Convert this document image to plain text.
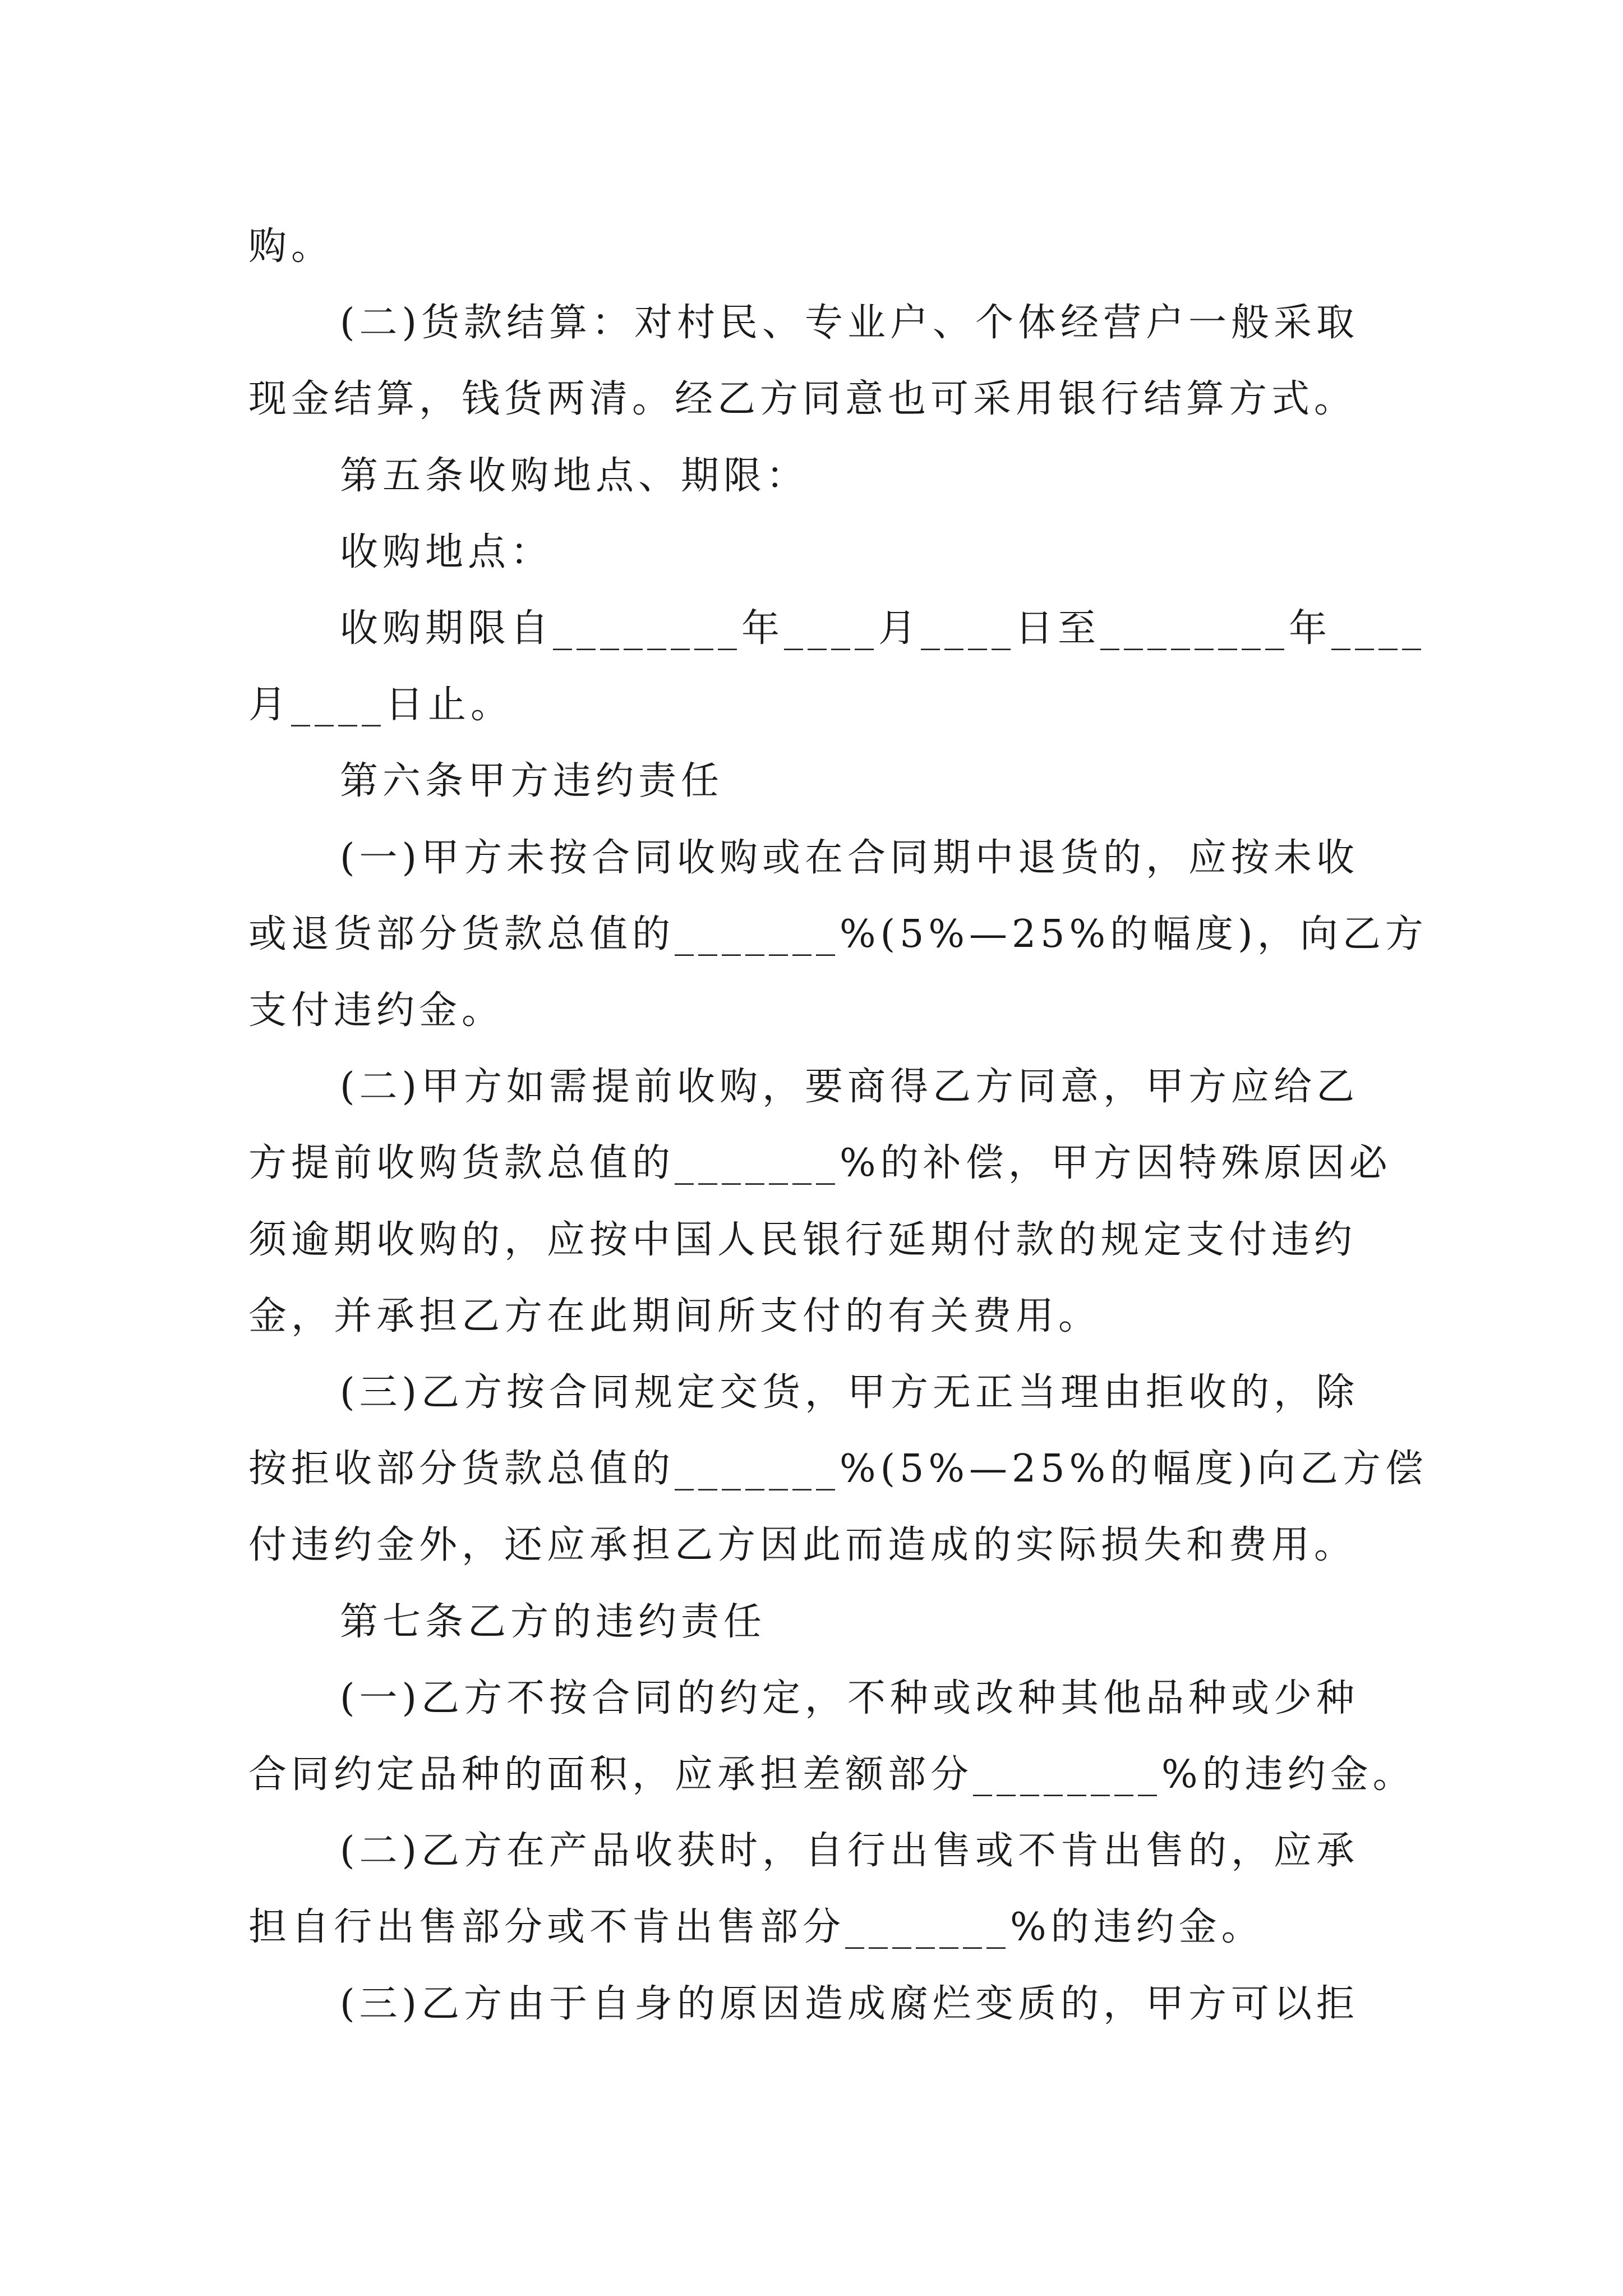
购。

(二)货款结算：对村民、专业户、个体经营户一般采取

现金结算，钱货两清。经乙方同意也可采用银行结算方式。

第五条收购地点、期限：

收购地点：

收购期限自________年____月____日至________年____

月____日止。

第六条甲方违约责任

(一)甲方未按合同收购或在合同期中退货的，应按未收

或退货部分货款总值的_______%(5%—25%的幅度)，向乙方

支付违约金。

(二)甲方如需提前收购，要商得乙方同意，甲方应给乙

方提前收购货款总值的_______%的补偿，甲方因特殊原因必

须逾期收购的，应按中国人民银行延期付款的规定支付违约

金，并承担乙方在此期间所支付的有关费用。

(三)乙方按合同规定交货，甲方无正当理由拒收的，除

按拒收部分货款总值的_______%(5%—25%的幅度)向乙方偿

付违约金外，还应承担乙方因此而造成的实际损失和费用。

第七条乙方的违约责任

(一)乙方不按合同的约定，不种或改种其他品种或少种

合同约定品种的面积，应承担差额部分________%的违约金。

(二)乙方在产品收获时，自行出售或不肯出售的，应承

担自行出售部分或不肯出售部分_______%的违约金。

(三)乙方由于自身的原因造成腐烂变质的，甲方可以拒
